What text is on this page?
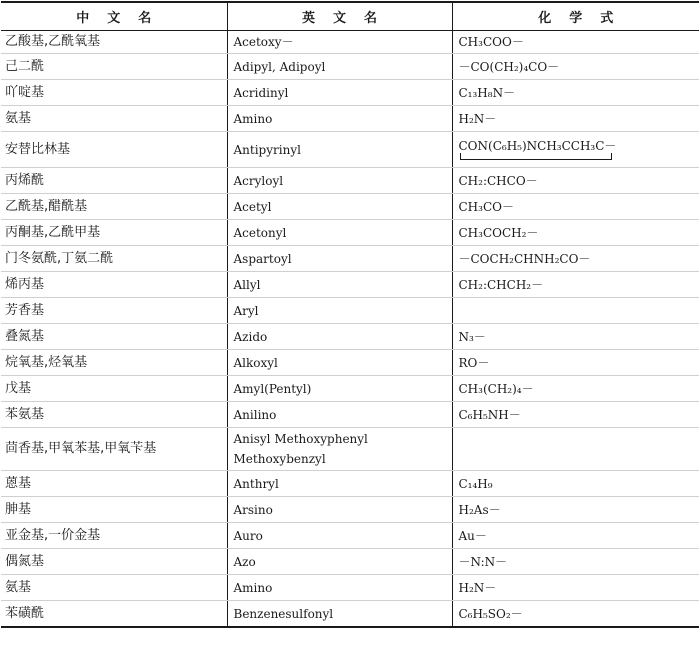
中文名	英文名	化学式
乙酸基,乙酰氧基	Acetoxy－	CH₃COO－
己二酰	Adipyl, Adipoyl	－CO(CH₂)₄CO－
吖啶基	Acridinyl	C₁₃H₈N－
氨基	Amino	H₂N－
安替比林基	Antipyrinyl	CON(C₆H₅)NCH₃CCH₃C－

丙烯酰	Acryloyl	CH₂:CHCO－
乙酰基,醋酰基	Acetyl	CH₃CO－
丙酮基,乙酰甲基	Acetonyl	CH₃COCH₂－
门冬氨酰,丁氨二酰	Aspartoyl	－COCH₂CHNH₂CO－
烯丙基	Allyl	CH₂:CHCH₂－
芳香基	Aryl	
叠氮基	Azido	N₃－
烷氧基,烃氧基	Alkoxyl	RO－
戊基	Amyl(Pentyl)	CH₃(CH₂)₄－
苯氨基	Anilino	C₆H₅NH－
茴香基,甲氧苯基,甲氧苄基	Anisyl Methoxyphenyl
Methoxybenzyl	
蒽基	Anthryl	C₁₄H₉
胂基	Arsino	H₂As－
亚金基,一价金基	Auro	Au－
偶氮基	Azo	－N:N－
氨基	Amino	H₂N－
苯磺酰	Benzenesulfonyl	C₆H₅SO₂－
